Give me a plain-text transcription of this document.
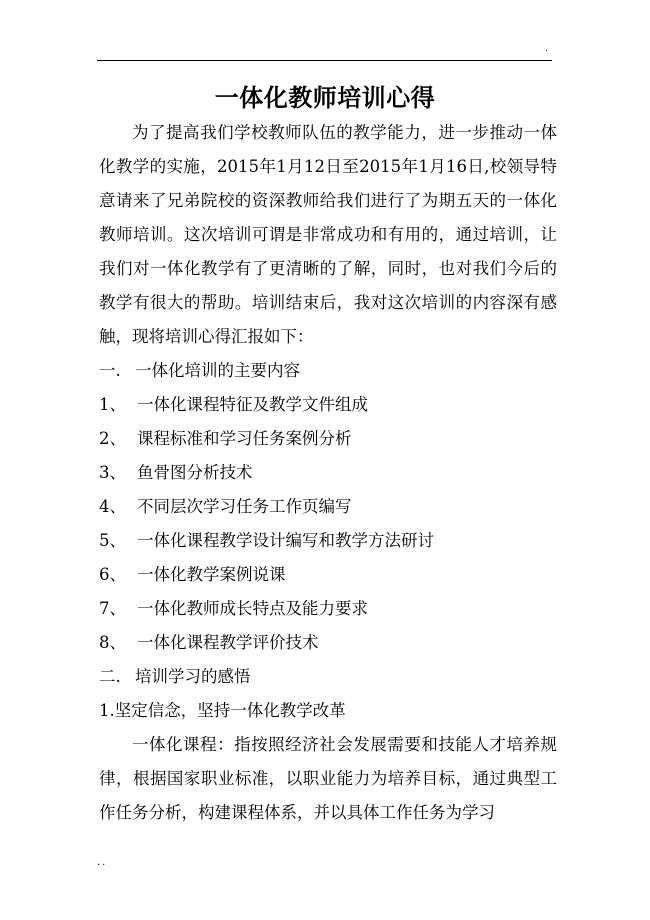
.
一体化教师培训心得

为了提高我们学校教师队伍的教学能力，进一步推动一体化教学的实施，2015年1月12日至2015年1月16日,校领导特意请来了兄弟院校的资深教师给我们进行了为期五天的一体化教师培训。这次培训可谓是非常成功和有用的，通过培训，让我们对一体化教学有了更清晰的了解，同时，也对我们今后的教学有很大的帮助。培训结束后，我对这次培训的内容深有感触，现将培训心得汇报如下：

一. 一体化培训的主要内容
1、 一体化课程特征及教学文件组成
2、 课程标准和学习任务案例分析
3、 鱼骨图分析技术
4、 不同层次学习任务工作页编写
5、 一体化课程教学设计编写和教学方法研讨
6、 一体化教学案例说课
7、 一体化教师成长特点及能力要求
8、 一体化课程教学评价技术
二. 培训学习的感悟
1.坚定信念，坚持一体化教学改革

一体化课程：指按照经济社会发展需要和技能人才培养规律，根据国家职业标准，以职业能力为培养目标，通过典型工作任务分析，构建课程体系，并以具体工作任务为学习

..
